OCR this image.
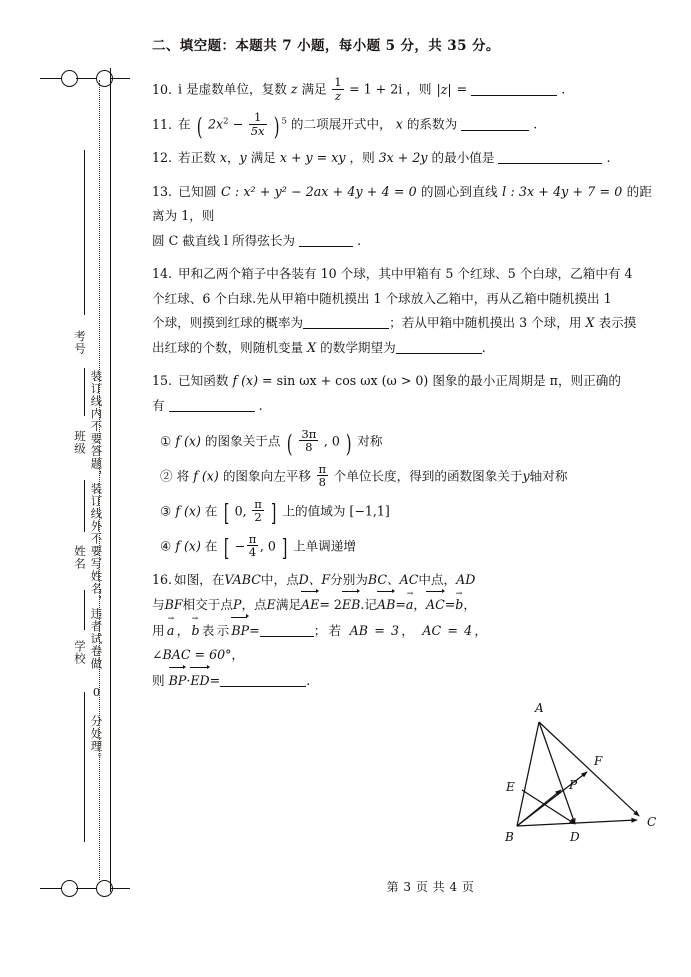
装订线内不要答题，装订线外不要写姓名，违者试卷做 0 分处理。
考号
班级
姓名
学校
二、填空题：本题共 7 小题，每小题 5 分，共 35 分。
10. i 是虚数单位，复数 z 满足 $\frac{1}{z} = 1 + 2i$ ，则 |z| =	.
11. 在 ( $2x^2 - \frac{1}{5x}$ ) $^5$ 的二项展开式中， x 的系数为	.
12. 若正数 x，y 满足 x + y = xy ，则 3x + 2y 的最小值是	.
13. 已知圆 C : x² + y² − 2ax + 4y + 4 = 0 的圆心到直线 l : 3x + 4y + 7 = 0 的距离为 1，则
圆 C 截直线 l 所得弦长为	.
14. 甲和乙两个箱子中各装有 10 个球，其中甲箱有 5 个红球、5 个白球，乙箱中有 4
个红球、6 个白球.先从甲箱中随机摸出 1 个球放入乙箱中，再从乙箱中随机摸出 1
个球，则摸到红球的概率为	；若从甲箱中随机摸出 3 个球，用 X 表示摸
出红球的个数，则随机变量 X 的数学期望为	.
15. 已知函数 f (x) = sin ωx + cos ωx (ω > 0) 图象的最小正周期是 π，则正确的
有	.
① f (x) 的图象关于点 ( $\frac{3\pi}{8}$ , 0 ) 对称
② 将 f (x) 的图象向左平移 $\frac{\pi}{8}$ 个单位长度，得到的函数图象关于y轴对称
③ f (x) 在 [ 0, $\frac{\pi}{2}$ ] 上的值域为 [−1,1]
④ f (x) 在 [ − $\frac{\pi}{4}$ , 0 ] 上单调递增
16. 如图，在VABC中，点D、F分别为BC、AC中点，AD
与BF相交于点P，点E满足AE= 2EB.记AB=a →，AC=b →，
用a →，b →表示BP=	；若 AB = 3， AC = 4， ∠BAC = 60°，
则 BP·ED=	.
A
B
C
D
E
F
P
第 3 页 共 4 页
